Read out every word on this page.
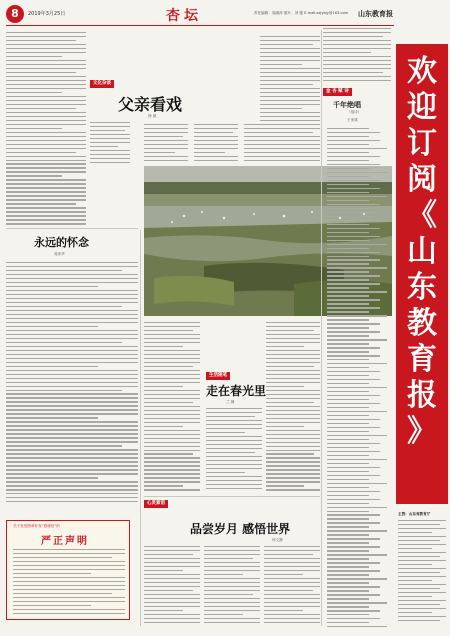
8	2019年3月25日	杏坛	责任编辑：周淑萍 照片：刘 强 E-mail:szjybjy@163.com 山东教育报
文化杂谈
父亲看戏
徐 斌
永远的怀念
周家华
生活随笔
走在春光里
兰 静
心灵絮语
品尝岁月 感悟世界
何文静
关于发放图章补发“感谢信”的
严正声明
金 杏 赋 诗
千年绝唱
（组诗）
王家斌
欢
迎
订
阅
《
山
东
教
育
报
》
主管：山东省教育厅
